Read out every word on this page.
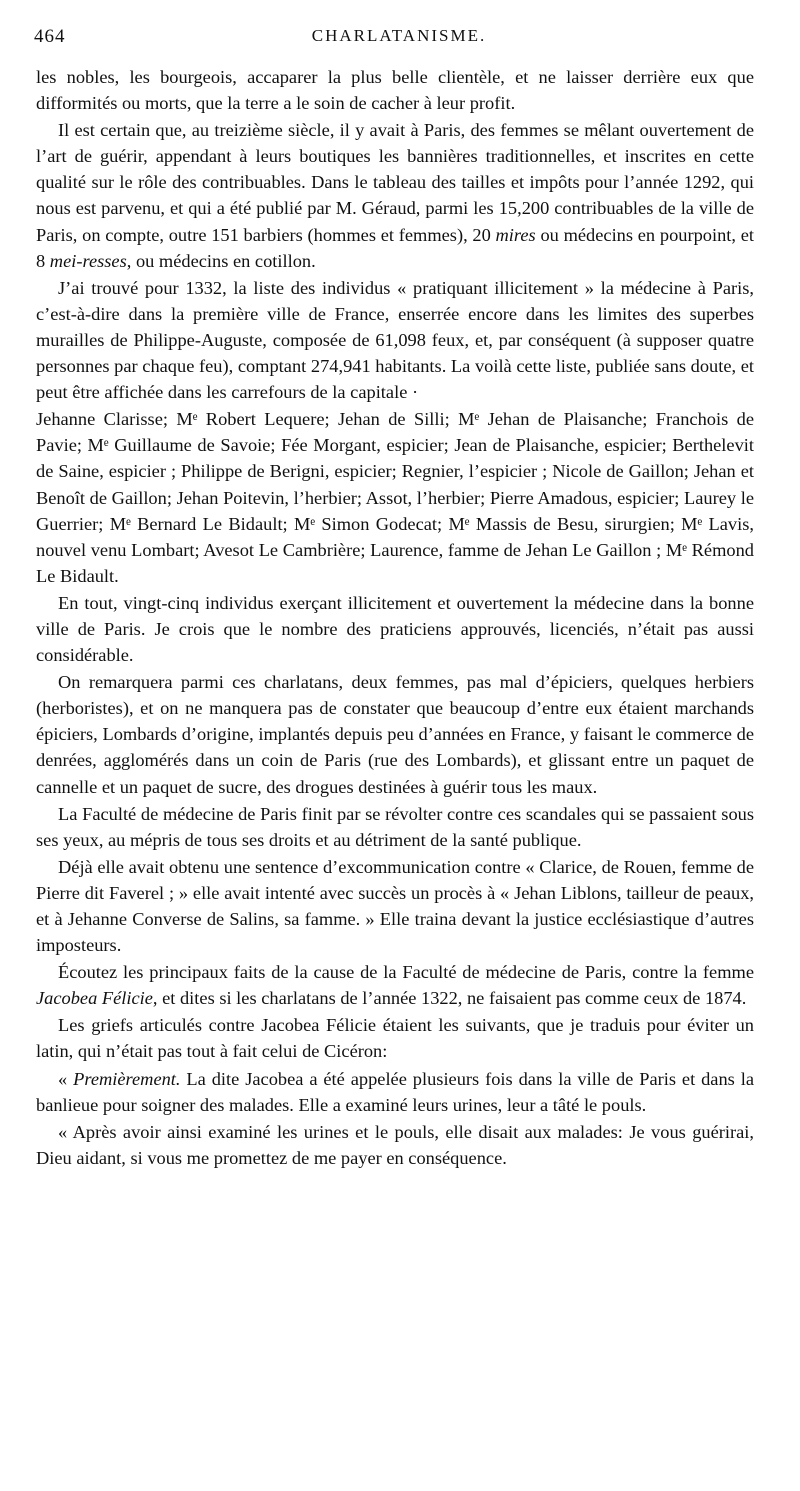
464	CHARLATANISME.

les nobles, les bourgeois, accaparer la plus belle clientèle, et ne laisser derrière eux que difformités ou morts, que la terre a le soin de cacher à leur profit.

Il est certain que, au treizième siècle, il y avait à Paris, des femmes se mêlant ouvertement de l’art de guérir, appendant à leurs boutiques les bannières traditionnelles, et inscrites en cette qualité sur le rôle des contribuables. Dans le tableau des tailles et impôts pour l’année 1292, qui nous est parvenu, et qui a été publié par M. Géraud, parmi les 15,200 contribuables de la ville de Paris, on compte, outre 151 barbiers (hommes et femmes), 20 mires ou médecins en pourpoint, et 8 mei-resses, ou médecins en cotillon.

J’ai trouvé pour 1332, la liste des individus « pratiquant illicitement » la médecine à Paris, c’est-à-dire dans la première ville de France, enserrée encore dans les limites des superbes murailles de Philippe-Auguste, composée de 61,098 feux, et, par conséquent (à supposer quatre personnes par chaque feu), comptant 274,941 habitants. La voilà cette liste, publiée sans doute, et peut être affichée dans les carrefours de la capitale ·

Jehanne Clarisse; Mᵉ Robert Lequere; Jehan de Silli; Mᵉ Jehan de Plaisanche; Franchois de Pavie; Mᵉ Guillaume de Savoie; Fée Morgant, espicier; Jean de Plaisanche, espicier; Berthelevit de Saine, espicier ; Philippe de Berigni, espicier; Regnier, l’espicier ; Nicole de Gaillon; Jehan et Benoît de Gaillon; Jehan Poitevin, l’herbier; Assot, l’herbier; Pierre Amadous, espicier; Laurey le Guerrier; Mᵉ Bernard Le Bidault; Mᵉ Simon Godecat; Mᵉ Massis de Besu, sirurgien; Mᵉ Lavis, nouvel venu Lombart; Avesot Le Cambrière; Laurence, famme de Jehan Le Gaillon ; Mᵉ Rémond Le Bidault.

En tout, vingt-cinq individus exerçant illicitement et ouvertement la médecine dans la bonne ville de Paris. Je crois que le nombre des praticiens approuvés, licenciés, n’était pas aussi considérable.

On remarquera parmi ces charlatans, deux femmes, pas mal d’épiciers, quelques herbiers (herboristes), et on ne manquera pas de constater que beaucoup d’entre eux étaient marchands épiciers, Lombards d’origine, implantés depuis peu d’années en France, y faisant le commerce de denrées, agglomérés dans un coin de Paris (rue des Lombards), et glissant entre un paquet de cannelle et un paquet de sucre, des drogues destinées à guérir tous les maux.

La Faculté de médecine de Paris finit par se révolter contre ces scandales qui se passaient sous ses yeux, au mépris de tous ses droits et au détriment de la santé publique.

Déjà elle avait obtenu une sentence d’excommunication contre « Clarice, de Rouen, femme de Pierre dit Faverel ; » elle avait intenté avec succès un procès à « Jehan Liblons, tailleur de peaux, et à Jehanne Converse de Salins, sa famme. » Elle traina devant la justice ecclésiastique d’autres imposteurs.

Écoutez les principaux faits de la cause de la Faculté de médecine de Paris, contre la femme Jacobea Félicie, et dites si les charlatans de l’année 1322, ne faisaient pas comme ceux de 1874.

Les griefs articulés contre Jacobea Félicie étaient les suivants, que je traduis pour éviter un latin, qui n’était pas tout à fait celui de Cicéron:

« Premièrement. La dite Jacobea a été appelée plusieurs fois dans la ville de Paris et dans la banlieue pour soigner des malades. Elle a examiné leurs urines, leur a tâté le pouls.

« Après avoir ainsi examiné les urines et le pouls, elle disait aux malades: Je vous guérirai, Dieu aidant, si vous me promettez de me payer en conséquence.
